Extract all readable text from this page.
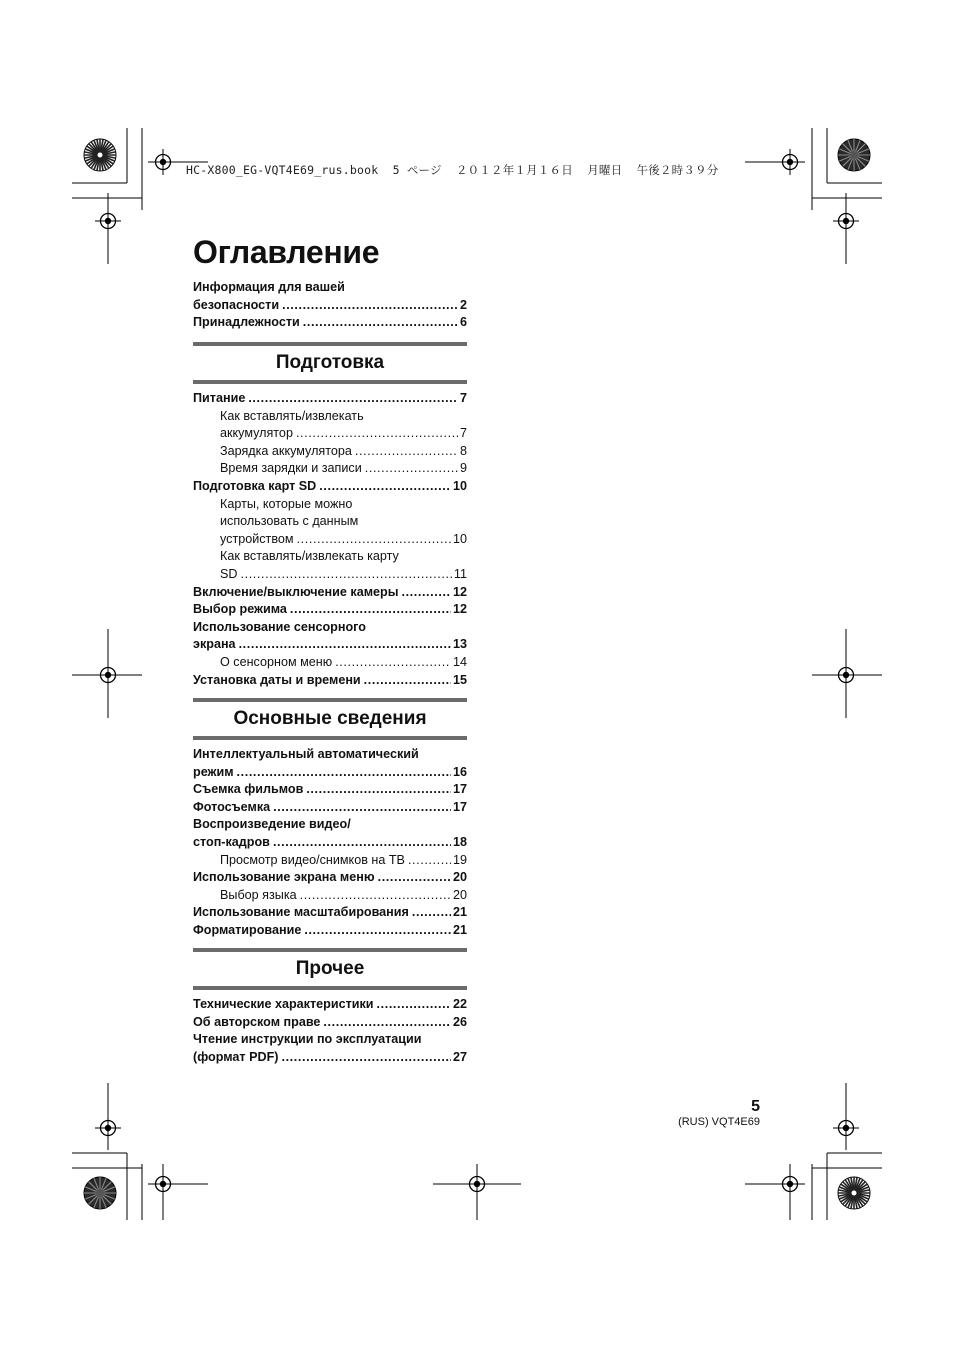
HC-X800_EG-VQT4E69_rus.book  5 ページ  ２０１２年１月１６日  月曜日  午後２時３９分
Оглавление
Информация для вашей
безопасности .....	2
Принадлежности .....	6
Подготовка
Питание .....	7
Как вставлять/извлекать
аккумулятор .....	7
Зарядка аккумулятора .....	8
Время зарядки и записи .....	9
Подготовка карт SD .....	10
Карты, которые можно
использовать с данным
устройством .....	10
Как вставлять/извлекать карту
SD .....	11
Включение/выключение камеры .....	12
Выбор режима .....	12
Использование сенсорного
экрана .....	13
О сенсорном меню .....	14
Установка даты и времени .....	15
Основные сведения
Интеллектуальный автоматический
режим .....	16
Съемка фильмов .....	17
Фотосъемка .....	17
Воспроизведение видео/
стоп-кадров .....	18
Просмотр видео/снимков на ТВ .....	19
Использование экрана меню .....	20
Выбор языка .....	20
Использование масштабирования .....	21
Форматирование .....	21
Прочее
Технические характеристики .....	22
Об авторском праве .....	26
Чтение инструкции по эксплуатации
(формат PDF) .....	27
5
(RUS) VQT4E69
